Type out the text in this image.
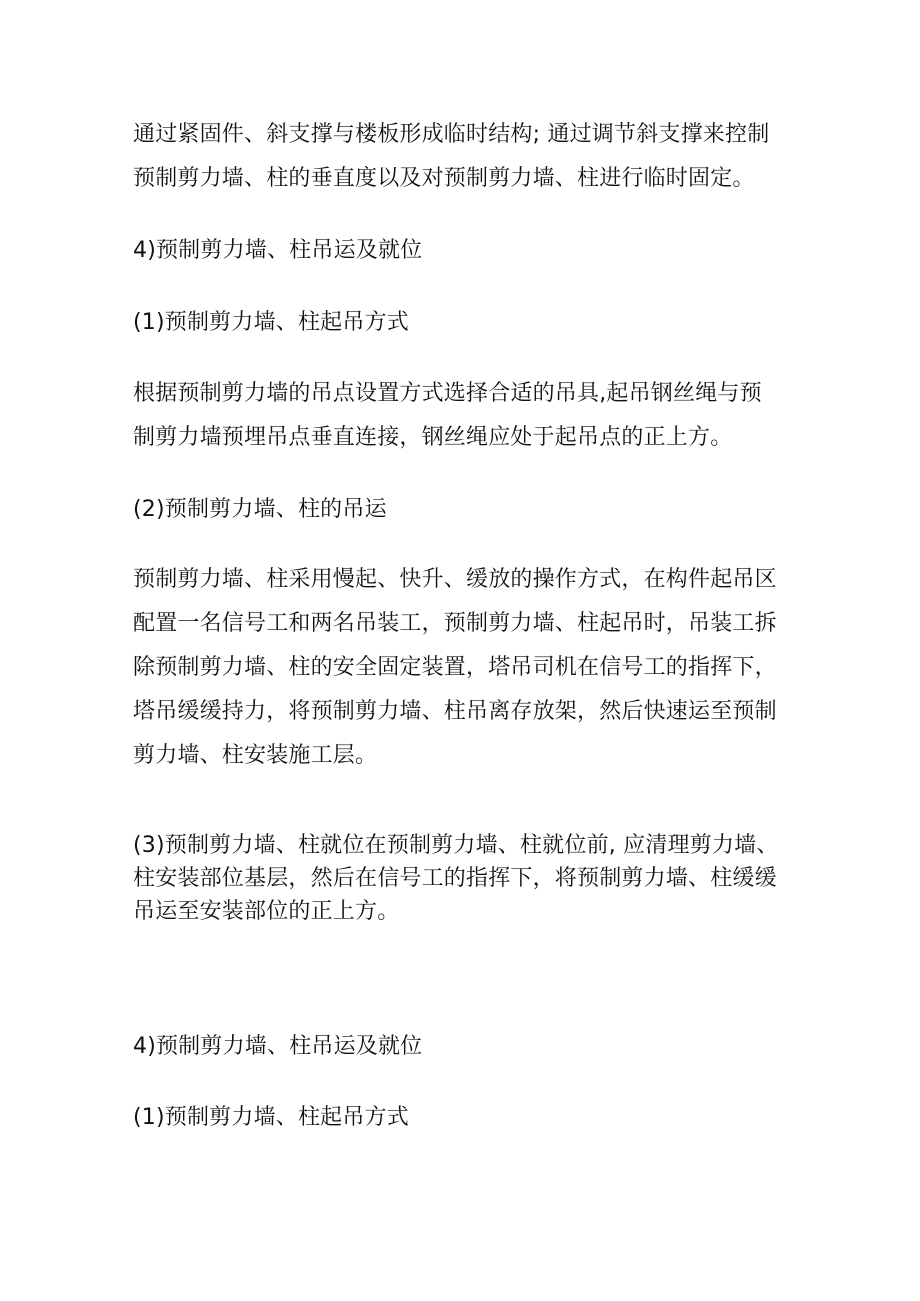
通过紧固件、斜支撑与楼板形成临时结构; 通过调节斜支撑来控制
预制剪力墙、柱的垂直度以及对预制剪力墙、柱进行临时固定。
4)预制剪力墙、柱吊运及就位
(1)预制剪力墙、柱起吊方式
根据预制剪力墙的吊点设置方式选择合适的吊具,起吊钢丝绳与预
制剪力墙预埋吊点垂直连接，钢丝绳应处于起吊点的正上方。
(2)预制剪力墙、柱的吊运
预制剪力墙、柱采用慢起、快升、缓放的操作方式，在构件起吊区
配置一名信号工和两名吊装工，预制剪力墙、柱起吊时，吊装工拆
除预制剪力墙、柱的安全固定装置，塔吊司机在信号工的指挥下，
塔吊缓缓持力，将预制剪力墙、柱吊离存放架，然后快速运至预制
剪力墙、柱安装施工层。
(3)预制剪力墙、柱就位在预制剪力墙、柱就位前, 应清理剪力墙、
柱安装部位基层，然后在信号工的指挥下，将预制剪力墙、柱缓缓
吊运至安装部位的正上方。
4)预制剪力墙、柱吊运及就位
(1)预制剪力墙、柱起吊方式
